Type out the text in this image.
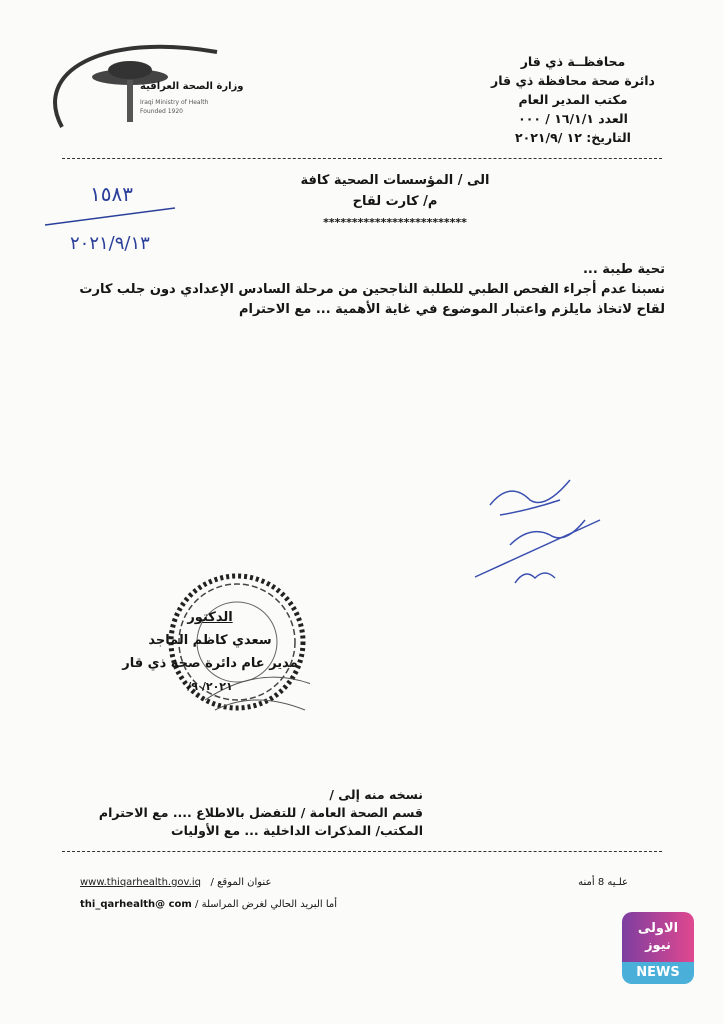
وزارة الصحة العراقية
Iraqi Ministry of Health
Founded 1920
محافظــة ذي قار
دائرة صحة محافظة ذي قار
مكتب المدير العام
العدد ١٦/١/١ / ٠٠٠
التاريخ: ١٢ /٢٠٢١/٩
الى / المؤسسات الصحية كافة
م/ كارت لقاح
*************************
١٥٨٣
٢٠٢١/٩/١٣
تحية طيبة ...
نسبنا عدم أجراء الفحص الطبي للطلبة الناجحين من مرحلة السادس الإعدادي دون جلب كارت لقاح لاتخاذ مايلزم واعتبار الموضوع في غاية الأهمية ... مع الاحترام
الدكتور
سعدي كاظم الماجد
مدير عام دائرة صحة ذي قار
٢٠٢١/ ٩/
نسخه منه إلى /
قسم الصحة العامة / للتفضل بالاطلاع .... مع الاحترام
المكتب/ المذكرات الداخلية ... مع الأوليات
www.thiqarhealth.gov.iq عنوان الموقع /
thi_qarhealth@ com أما البريد الحالي لغرض المراسلة /
علـيه 8 أمنه
الاولى نيوز
NEWS
